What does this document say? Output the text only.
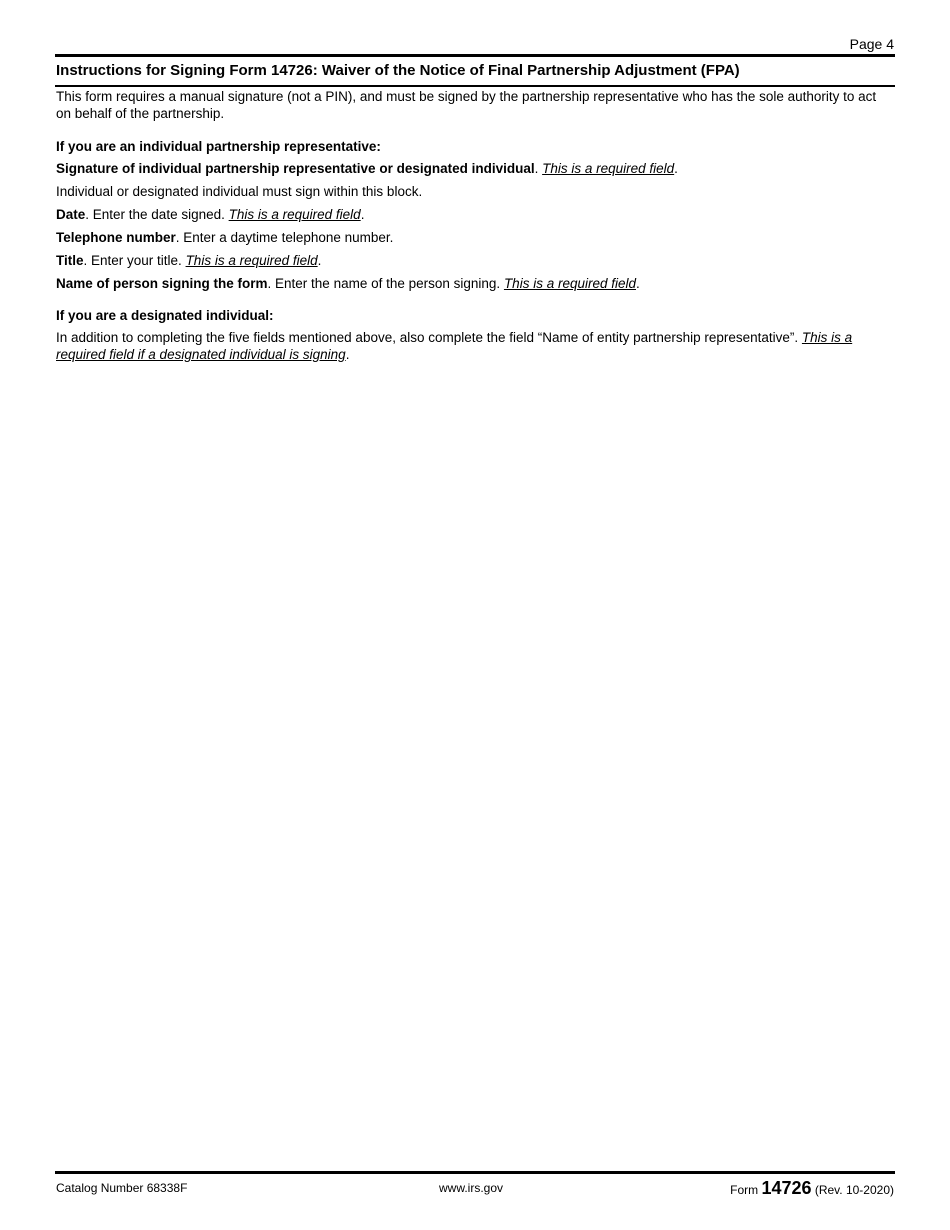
Page 4
Instructions for Signing Form 14726: Waiver of the Notice of Final Partnership Adjustment (FPA)

This form requires a manual signature (not a PIN), and must be signed by the partnership representative who has the sole authority to act on behalf of the partnership.

If you are an individual partnership representative:

Signature of individual partnership representative or designated individual. This is a required field.

Individual or designated individual must sign within this block.

Date. Enter the date signed. This is a required field.

Telephone number. Enter a daytime telephone number.

Title. Enter your title. This is a required field.

Name of person signing the form. Enter the name of the person signing. This is a required field.

If you are a designated individual:

In addition to completing the five fields mentioned above, also complete the field “Name of entity partnership representative”. This is a required field if a designated individual is signing.

Catalog Number 68338F	www.irs.gov	Form 14726 (Rev. 10-2020)
